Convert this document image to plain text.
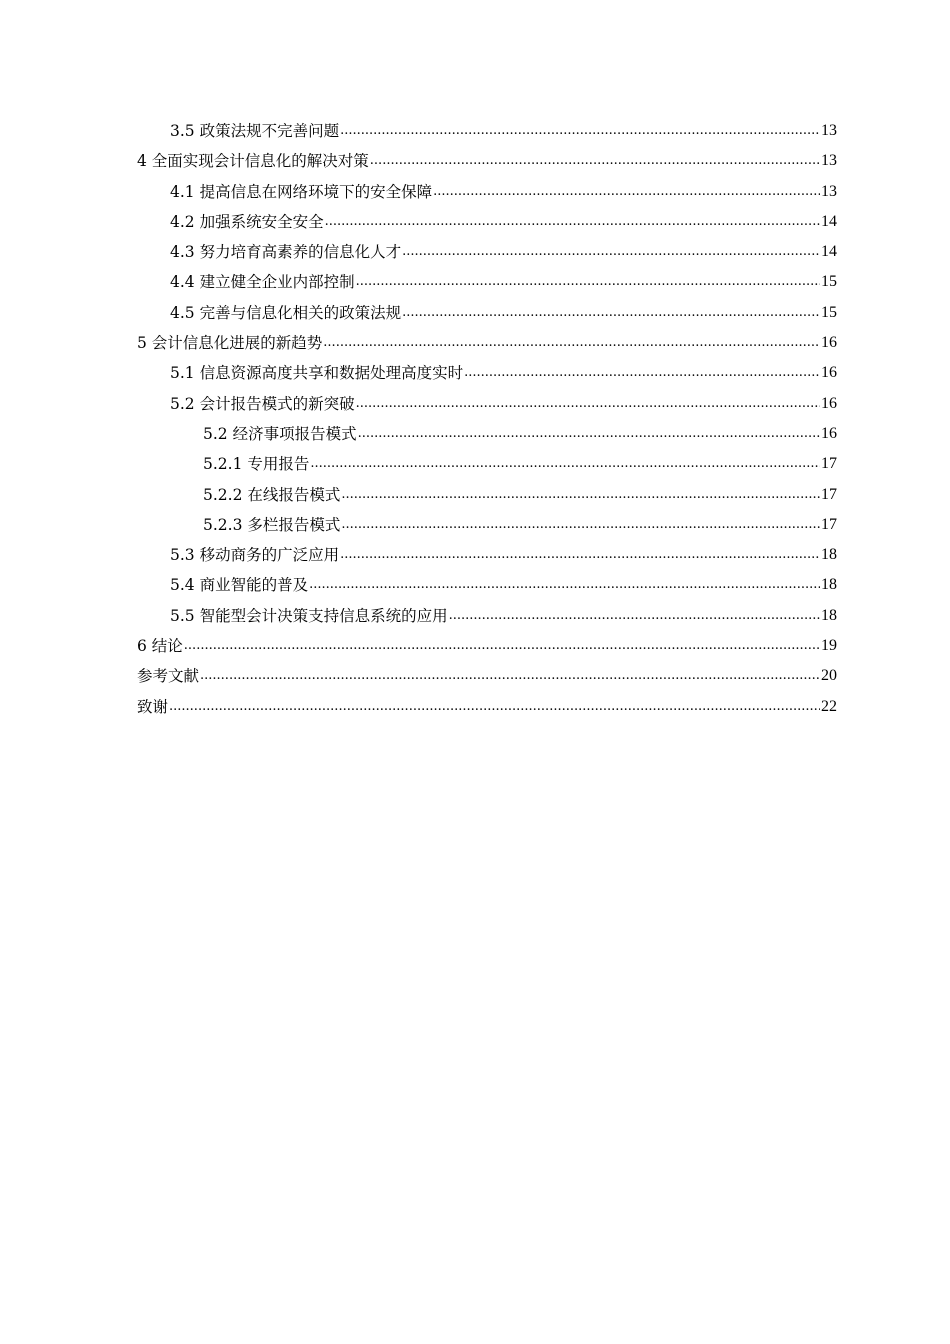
3.5 政策法规不完善问题 .....	13
4 全面实现会计信息化的解决对策 .....	13
4.1 提高信息在网络环境下的安全保障 .....	13
4.2 加强系统安全安全 .....	14
4.3 努力培育高素养的信息化人才 .....	14
4.4 建立健全企业内部控制 .....	15
4.5 完善与信息化相关的政策法规 .....	15
5 会计信息化进展的新趋势 .....	16
5.1 信息资源高度共享和数据处理高度实时 .....	16
5.2 会计报告模式的新突破 .....	16
5.2 经济事项报告模式 .....	16
5.2.1 专用报告 .....	17
5.2.2 在线报告模式 .....	17
5.2.3 多栏报告模式 .....	17
5.3 移动商务的广泛应用 .....	18
5.4 商业智能的普及 .....	18
5.5 智能型会计决策支持信息系统的应用 .....	18
6 结论 .....	19
参考文献 .....	20
致谢 .....	22
